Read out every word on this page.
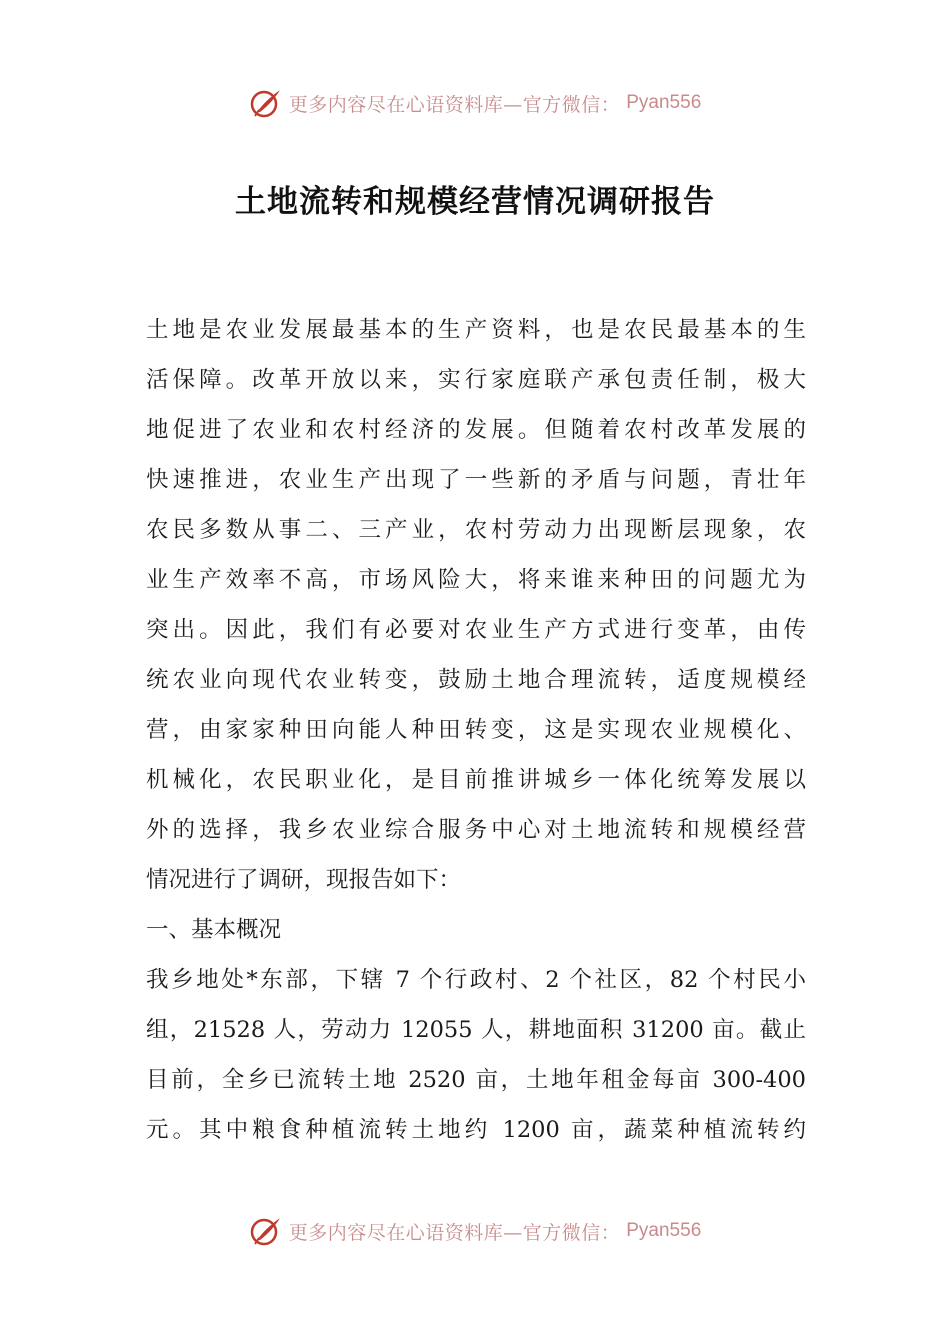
更多内容尽在心语资料库—官方微信： Pyan556
土地流转和规模经营情况调研报告
土地是农业发展最基本的生产资料，也是农民最基本的生
活保障。改革开放以来，实行家庭联产承包责任制，极大
地促进了农业和农村经济的发展。但随着农村改革发展的
快速推进，农业生产出现了一些新的矛盾与问题，青壮年
农民多数从事二、三产业，农村劳动力出现断层现象，农
业生产效率不高，市场风险大，将来谁来种田的问题尤为
突出。因此，我们有必要对农业生产方式进行变革，由传
统农业向现代农业转变，鼓励土地合理流转，适度规模经
营，由家家种田向能人种田转变，这是实现农业规模化、
机械化，农民职业化，是目前推讲城乡一体化统筹发展以
外的选择，我乡农业综合服务中心对土地流转和规模经营
情况进行了调研，现报告如下：
一、基本概况
我乡地处*东部，下辖 7 个行政村、2 个社区，82 个村民小
组，21528 人，劳动力 12055 人，耕地面积 31200 亩。截止
目前，全乡已流转土地 2520 亩，土地年租金每亩 300-400
元。其中粮食种植流转土地约 1200 亩，蔬菜种植流转约
更多内容尽在心语资料库—官方微信： Pyan556
